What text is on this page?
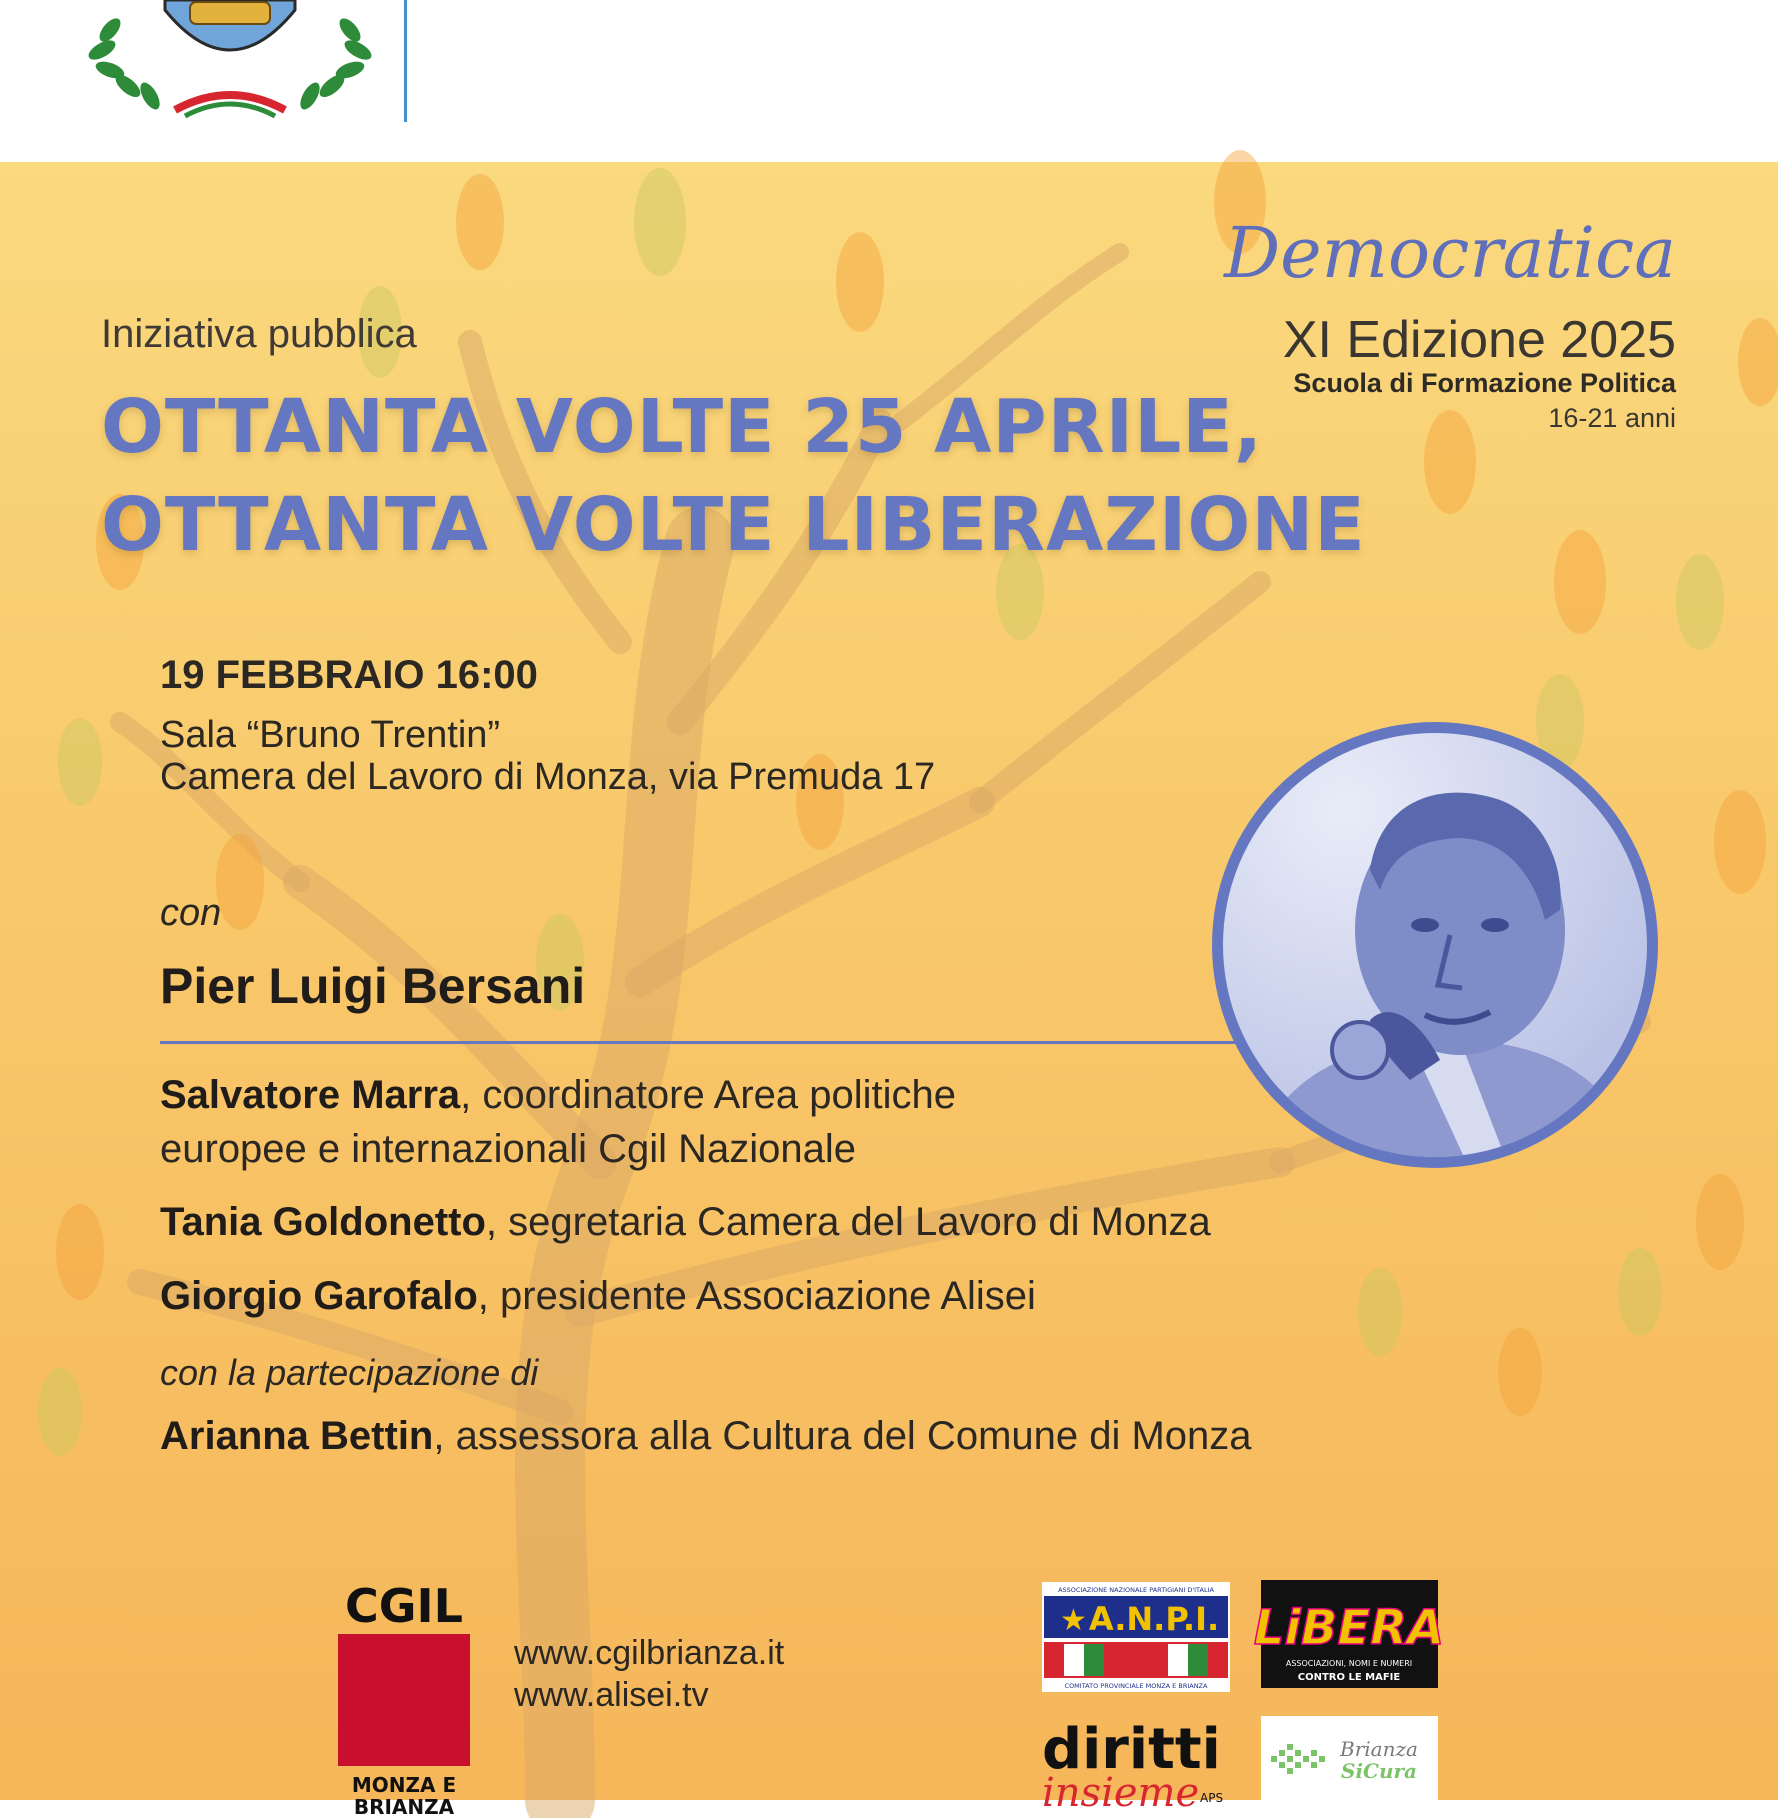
Iniziativa pubblica
OTTANTA VOLTE 25 APRILE,
OTTANTA VOLTE LIBERAZIONE
Democratica
XI Edizione 2025
Scuola di Formazione Politica
16-21 anni
19 FEBBRAIO 16:00
Sala “Bruno Trentin”
Camera del Lavoro di Monza, via Premuda 17
con
Pier Luigi Bersani
Salvatore Marra, coordinatore Area politiche
europee e internazionali Cgil Nazionale
Tania Goldonetto, segretaria Camera del Lavoro di Monza
Giorgio Garofalo, presidente Associazione Alisei
con la partecipazione di
Arianna Bettin, assessora alla Cultura del Comune di Monza
CGIL
MONZA E
BRIANZA
www.cgilbrianza.it
www.alisei.tv
ASSOCIAZIONE NAZIONALE PARTIGIANI D'ITALIA
★ A.N.P.I.
COMITATO PROVINCIALE MONZA E BRIANZA
LiBERA
ASSOCIAZIONI, NOMI E NUMERI
CONTRO LE MAFIE
diritti
insieme APS
Brianza
SiCura
